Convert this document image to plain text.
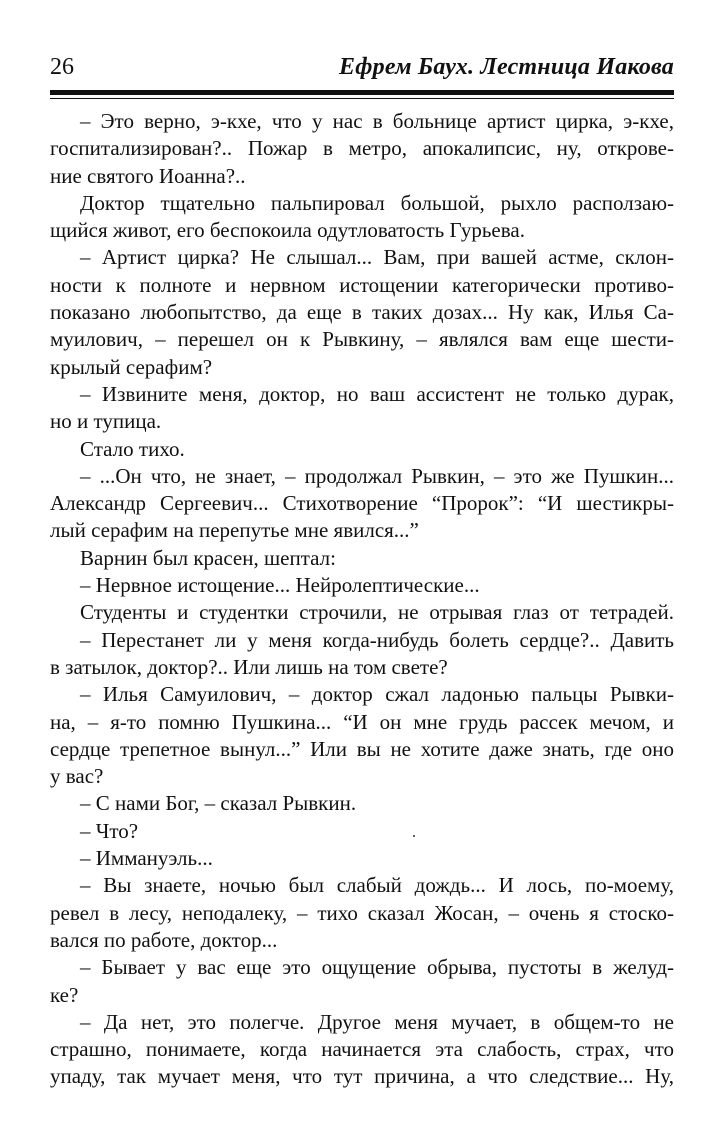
26	Ефрем Баух. Лестница Иакова
– Это верно, э-кхе, что у нас в больнице артист цирка, э-кхе,
госпитализирован?.. Пожар в метро, апокалипсис, ну, открове-
ние святого Иоанна?..
Доктор тщательно пальпировал большой, рыхло расползаю-
щийся живот, его беспокоила одутловатость Гурьева.
– Артист цирка? Не слышал... Вам, при вашей астме, склон-
ности к полноте и нервном истощении категорически противо-
показано любопытство, да еще в таких дозах... Ну как, Илья Са-
муилович, – перешел он к Рывкину, – являлся вам еще шести-
крылый серафим?
– Извините меня, доктор, но ваш ассистент не только дурак,
но и тупица.
Стало тихо.
– ...Он что, не знает, – продолжал Рывкин, – это же Пушкин...
Александр Сергеевич... Стихотворение “Пророк”: “И шестикры-
лый серафим на перепутье мне явился...”
Варнин был красен, шептал:
– Нервное истощение... Нейролептические...
Студенты и студентки строчили, не отрывая глаз от тетрадей.
– Перестанет ли у меня когда-нибудь болеть сердце?.. Давить
в затылок, доктор?.. Или лишь на том свете?
– Илья Самуилович, – доктор сжал ладонью пальцы Рывки-
на, – я-то помню Пушкина... “И он мне грудь рассек мечом, и
сердце трепетное вынул...” Или вы не хотите даже знать, где оно
у вас?
– С нами Бог, – сказал Рывкин.
– Что?
– Иммануэль...
– Вы знаете, ночью был слабый дождь... И лось, по-моему,
ревел в лесу, неподалеку, – тихо сказал Жосан, – очень я стоско-
вался по работе, доктор...
– Бывает у вас еще это ощущение обрыва, пустоты в желуд-
ке?
– Да нет, это полегче. Другое меня мучает, в общем-то не
страшно, понимаете, когда начинается эта слабость, страх, что
упаду, так мучает меня, что тут причина, а что следствие... Ну,
